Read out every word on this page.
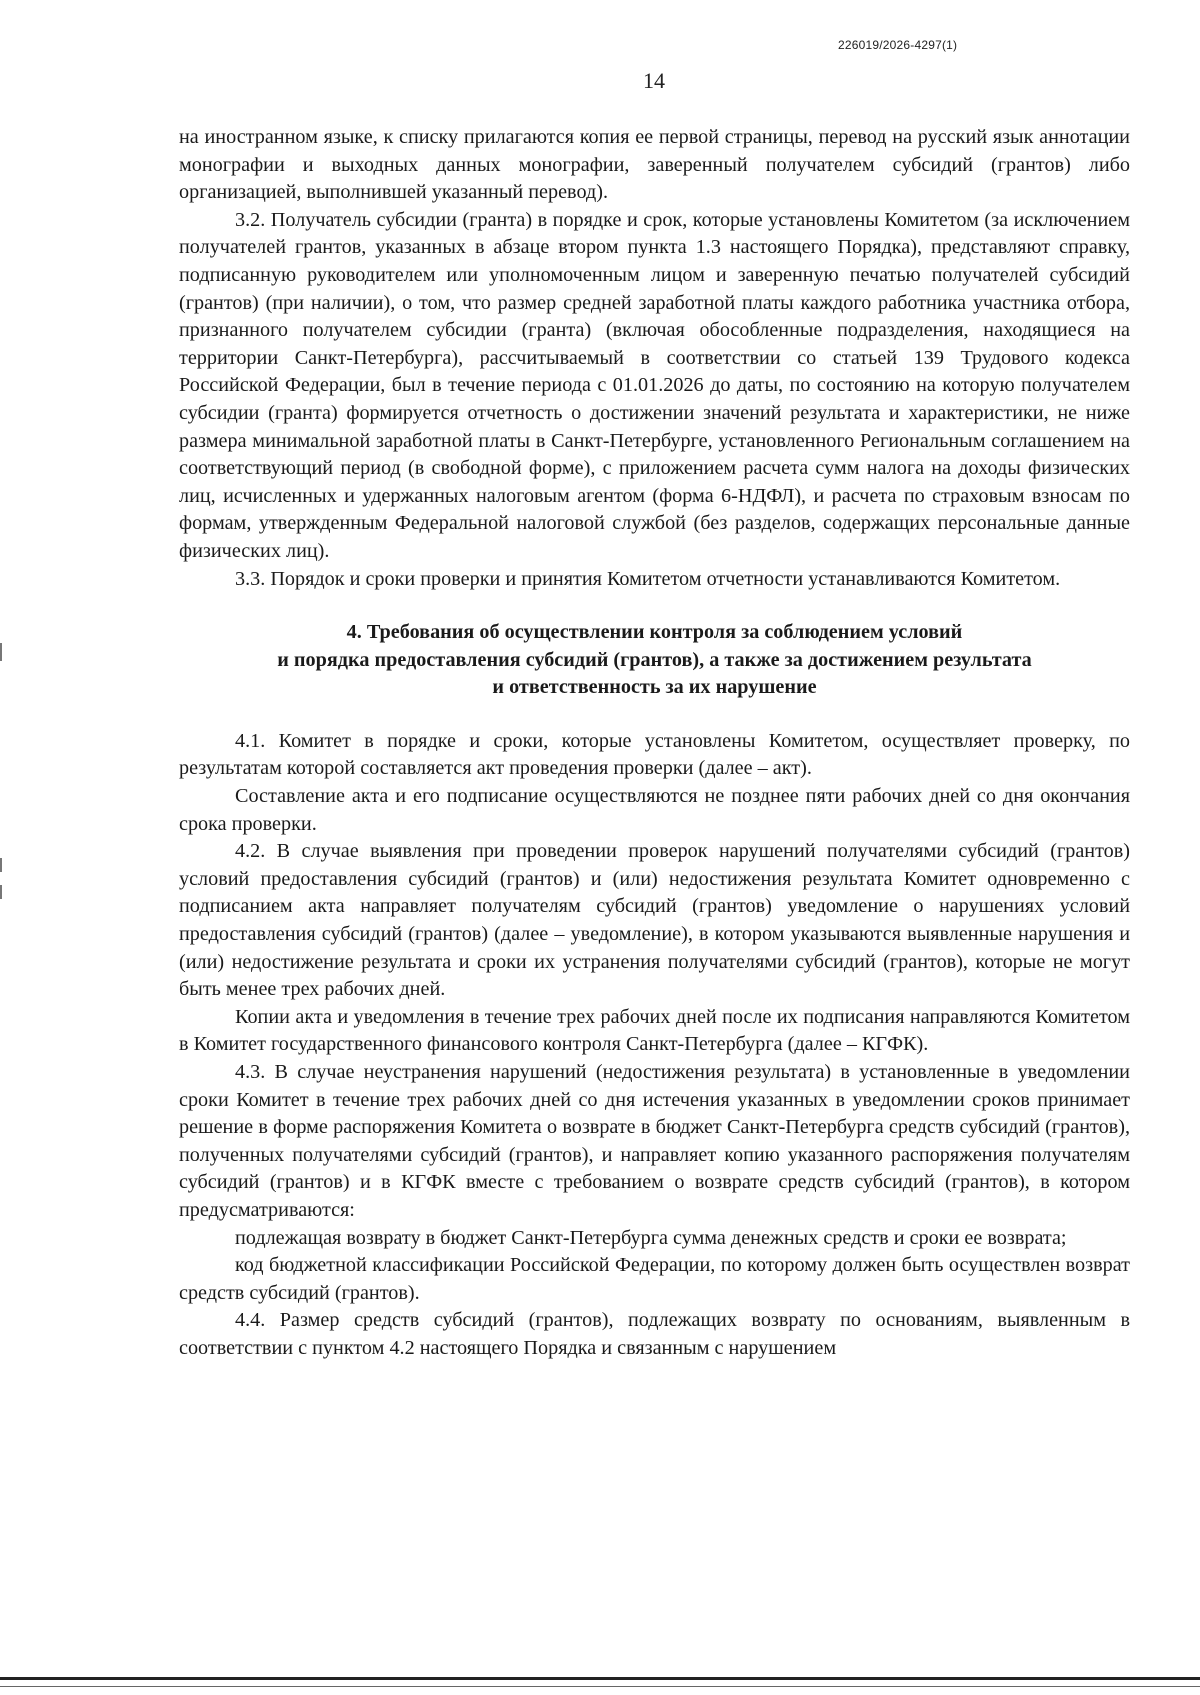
226019/2026-4297(1)
14

на иностранном языке, к списку прилагаются копия ее первой страницы, перевод на русский язык аннотации монографии и выходных данных монографии, заверенный получателем субсидий (грантов) либо организацией, выполнившей указанный перевод).

3.2. Получатель субсидии (гранта) в порядке и срок, которые установлены Комитетом (за исключением получателей грантов, указанных в абзаце втором пункта 1.3 настоящего Порядка), представляют справку, подписанную руководителем или уполномоченным лицом и заверенную печатью получателей субсидий (грантов) (при наличии), о том, что размер средней заработной платы каждого работника участника отбора, признанного получателем субсидии (гранта) (включая обособленные подразделения, находящиеся на территории Санкт-Петербурга), рассчитываемый в соответствии со статьей 139 Трудового кодекса Российской Федерации, был в течение периода с 01.01.2026 до даты, по состоянию на которую получателем субсидии (гранта) формируется отчетность о достижении значений результата и характеристики, не ниже размера минимальной заработной платы в Санкт-Петербурге, установленного Региональным соглашением на соответствующий период (в свободной форме), с приложением расчета сумм налога на доходы физических лиц, исчисленных и удержанных налоговым агентом (форма 6-НДФЛ), и расчета по страховым взносам по формам, утвержденным Федеральной налоговой службой (без разделов, содержащих персональные данные физических лиц).

3.3. Порядок и сроки проверки и принятия Комитетом отчетности устанавливаются Комитетом.

4. Требования об осуществлении контроля за соблюдением условий
и порядка предоставления субсидий (грантов), а также за достижением результата
и ответственность за их нарушение

4.1. Комитет в порядке и сроки, которые установлены Комитетом, осуществляет проверку, по результатам которой составляется акт проведения проверки (далее – акт).

Составление акта и его подписание осуществляются не позднее пяти рабочих дней со дня окончания срока проверки.

4.2. В случае выявления при проведении проверок нарушений получателями субсидий (грантов) условий предоставления субсидий (грантов) и (или) недостижения результата Комитет одновременно с подписанием акта направляет получателям субсидий (грантов) уведомление о нарушениях условий предоставления субсидий (грантов) (далее – уведомление), в котором указываются выявленные нарушения и (или) недостижение результата и сроки их устранения получателями субсидий (грантов), которые не могут быть менее трех рабочих дней.

Копии акта и уведомления в течение трех рабочих дней после их подписания направляются Комитетом в Комитет государственного финансового контроля Санкт-Петербурга (далее – КГФК).

4.3. В случае неустранения нарушений (недостижения результата) в установленные в уведомлении сроки Комитет в течение трех рабочих дней со дня истечения указанных в уведомлении сроков принимает решение в форме распоряжения Комитета о возврате в бюджет Санкт-Петербурга средств субсидий (грантов), полученных получателями субсидий (грантов), и направляет копию указанного распоряжения получателям субсидий (грантов) и в КГФК вместе с требованием о возврате средств субсидий (грантов), в котором предусматриваются:

подлежащая возврату в бюджет Санкт-Петербурга сумма денежных средств и сроки ее возврата;

код бюджетной классификации Российской Федерации, по которому должен быть осуществлен возврат средств субсидий (грантов).

4.4. Размер средств субсидий (грантов), подлежащих возврату по основаниям, выявленным в соответствии с пунктом 4.2 настоящего Порядка и связанным с нарушением
